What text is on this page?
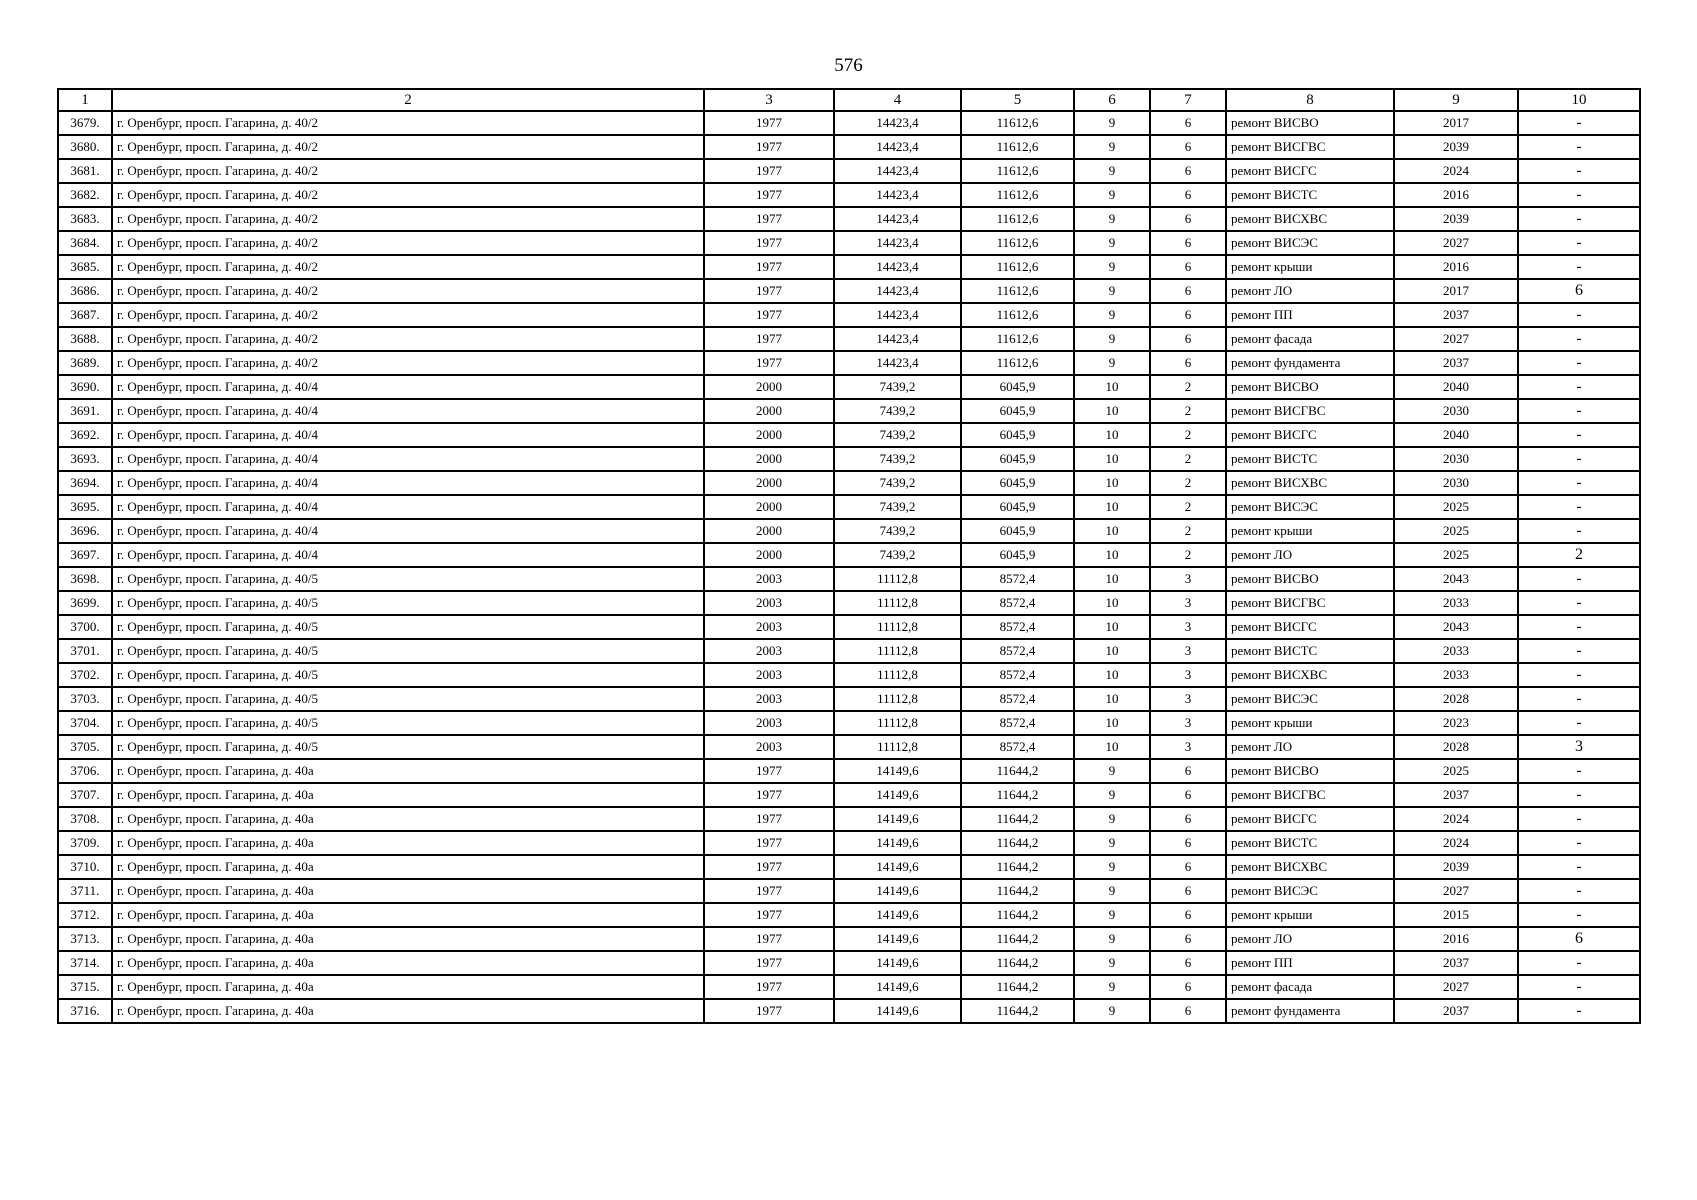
576
1	2	3	4	5	6	7	8	9	10
3679.	г. Оренбург, просп. Гагарина, д. 40/2	1977	14423,4	11612,6	9	6	ремонт ВИСВО	2017	-
3680.	г. Оренбург, просп. Гагарина, д. 40/2	1977	14423,4	11612,6	9	6	ремонт ВИСГВС	2039	-
3681.	г. Оренбург, просп. Гагарина, д. 40/2	1977	14423,4	11612,6	9	6	ремонт ВИСГС	2024	-
3682.	г. Оренбург, просп. Гагарина, д. 40/2	1977	14423,4	11612,6	9	6	ремонт ВИСТС	2016	-
3683.	г. Оренбург, просп. Гагарина, д. 40/2	1977	14423,4	11612,6	9	6	ремонт ВИСХВС	2039	-
3684.	г. Оренбург, просп. Гагарина, д. 40/2	1977	14423,4	11612,6	9	6	ремонт ВИСЭС	2027	-
3685.	г. Оренбург, просп. Гагарина, д. 40/2	1977	14423,4	11612,6	9	6	ремонт крыши	2016	-
3686.	г. Оренбург, просп. Гагарина, д. 40/2	1977	14423,4	11612,6	9	6	ремонт ЛО	2017	6
3687.	г. Оренбург, просп. Гагарина, д. 40/2	1977	14423,4	11612,6	9	6	ремонт ПП	2037	-
3688.	г. Оренбург, просп. Гагарина, д. 40/2	1977	14423,4	11612,6	9	6	ремонт фасада	2027	-
3689.	г. Оренбург, просп. Гагарина, д. 40/2	1977	14423,4	11612,6	9	6	ремонт фундамента	2037	-
3690.	г. Оренбург, просп. Гагарина, д. 40/4	2000	7439,2	6045,9	10	2	ремонт ВИСВО	2040	-
3691.	г. Оренбург, просп. Гагарина, д. 40/4	2000	7439,2	6045,9	10	2	ремонт ВИСГВС	2030	-
3692.	г. Оренбург, просп. Гагарина, д. 40/4	2000	7439,2	6045,9	10	2	ремонт ВИСГС	2040	-
3693.	г. Оренбург, просп. Гагарина, д. 40/4	2000	7439,2	6045,9	10	2	ремонт ВИСТС	2030	-
3694.	г. Оренбург, просп. Гагарина, д. 40/4	2000	7439,2	6045,9	10	2	ремонт ВИСХВС	2030	-
3695.	г. Оренбург, просп. Гагарина, д. 40/4	2000	7439,2	6045,9	10	2	ремонт ВИСЭС	2025	-
3696.	г. Оренбург, просп. Гагарина, д. 40/4	2000	7439,2	6045,9	10	2	ремонт крыши	2025	-
3697.	г. Оренбург, просп. Гагарина, д. 40/4	2000	7439,2	6045,9	10	2	ремонт ЛО	2025	2
3698.	г. Оренбург, просп. Гагарина, д. 40/5	2003	11112,8	8572,4	10	3	ремонт ВИСВО	2043	-
3699.	г. Оренбург, просп. Гагарина, д. 40/5	2003	11112,8	8572,4	10	3	ремонт ВИСГВС	2033	-
3700.	г. Оренбург, просп. Гагарина, д. 40/5	2003	11112,8	8572,4	10	3	ремонт ВИСГС	2043	-
3701.	г. Оренбург, просп. Гагарина, д. 40/5	2003	11112,8	8572,4	10	3	ремонт ВИСТС	2033	-
3702.	г. Оренбург, просп. Гагарина, д. 40/5	2003	11112,8	8572,4	10	3	ремонт ВИСХВС	2033	-
3703.	г. Оренбург, просп. Гагарина, д. 40/5	2003	11112,8	8572,4	10	3	ремонт ВИСЭС	2028	-
3704.	г. Оренбург, просп. Гагарина, д. 40/5	2003	11112,8	8572,4	10	3	ремонт крыши	2023	-
3705.	г. Оренбург, просп. Гагарина, д. 40/5	2003	11112,8	8572,4	10	3	ремонт ЛО	2028	3
3706.	г. Оренбург, просп. Гагарина, д. 40а	1977	14149,6	11644,2	9	6	ремонт ВИСВО	2025	-
3707.	г. Оренбург, просп. Гагарина, д. 40а	1977	14149,6	11644,2	9	6	ремонт ВИСГВС	2037	-
3708.	г. Оренбург, просп. Гагарина, д. 40а	1977	14149,6	11644,2	9	6	ремонт ВИСГС	2024	-
3709.	г. Оренбург, просп. Гагарина, д. 40а	1977	14149,6	11644,2	9	6	ремонт ВИСТС	2024	-
3710.	г. Оренбург, просп. Гагарина, д. 40а	1977	14149,6	11644,2	9	6	ремонт ВИСХВС	2039	-
3711.	г. Оренбург, просп. Гагарина, д. 40а	1977	14149,6	11644,2	9	6	ремонт ВИСЭС	2027	-
3712.	г. Оренбург, просп. Гагарина, д. 40а	1977	14149,6	11644,2	9	6	ремонт крыши	2015	-
3713.	г. Оренбург, просп. Гагарина, д. 40а	1977	14149,6	11644,2	9	6	ремонт ЛО	2016	6
3714.	г. Оренбург, просп. Гагарина, д. 40а	1977	14149,6	11644,2	9	6	ремонт ПП	2037	-
3715.	г. Оренбург, просп. Гагарина, д. 40а	1977	14149,6	11644,2	9	6	ремонт фасада	2027	-
3716.	г. Оренбург, просп. Гагарина, д. 40а	1977	14149,6	11644,2	9	6	ремонт фундамента	2037	-
